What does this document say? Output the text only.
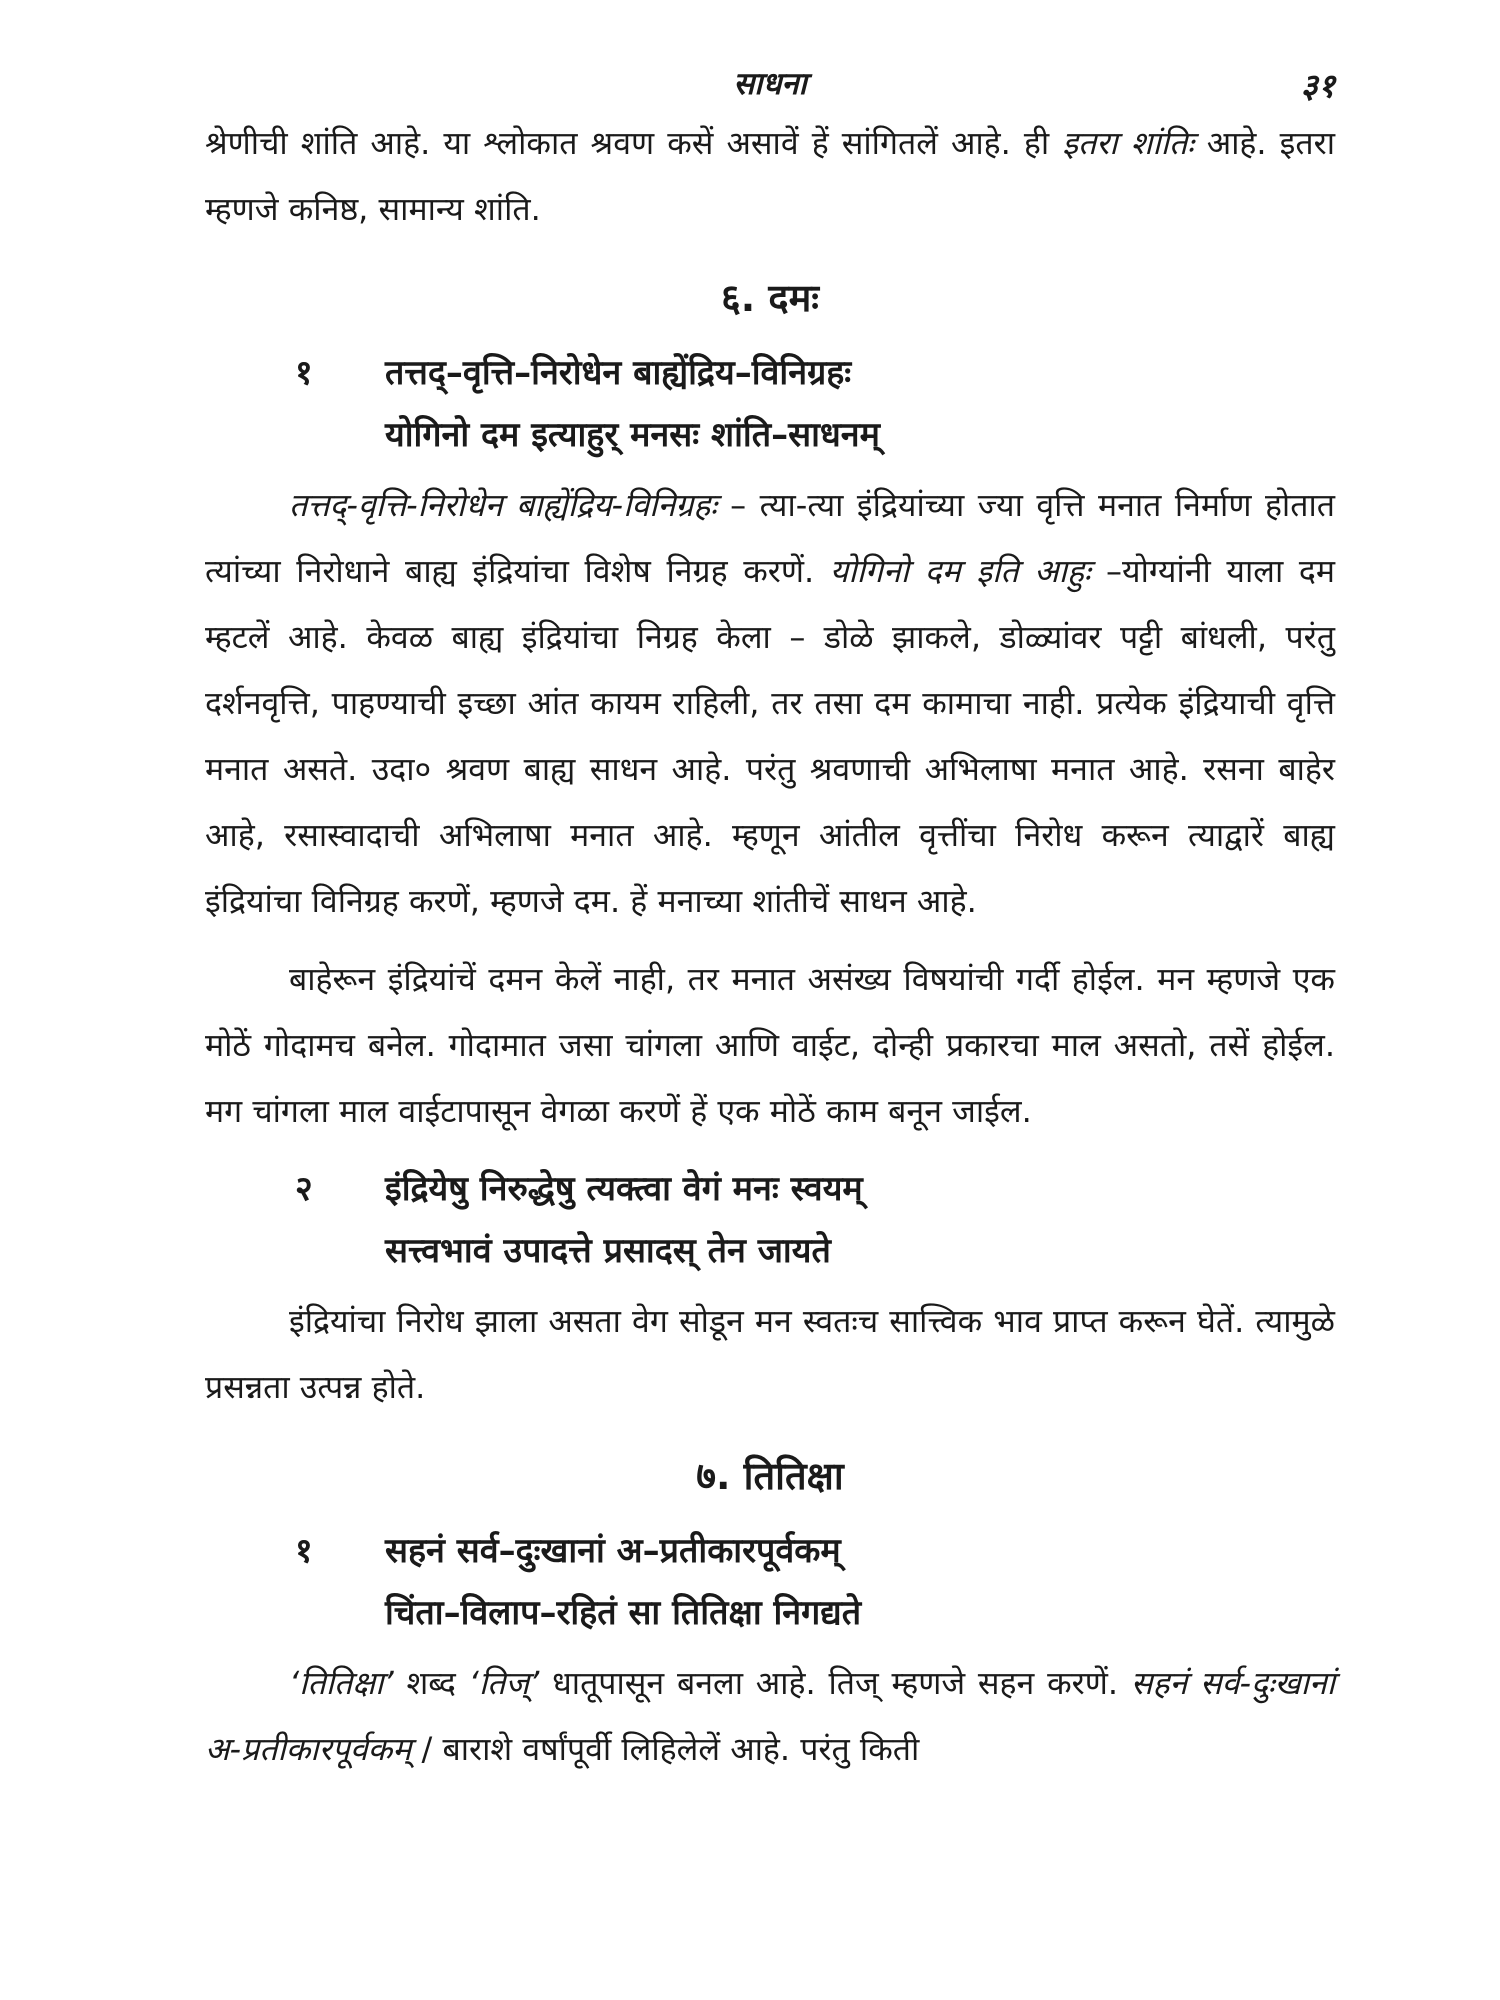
साधना	३१

श्रेणीची शांति आहे. या श्लोकात श्रवण कसें असावें हें सांगितलें आहे. ही इतरा शांतिः आहे. इतरा म्हणजे कनिष्ठ, सामान्य शांति.

६. दमः
१ तत्तद्–वृत्ति–निरोधेन बाह्येंद्रिय–विनिग्रहः
योगिनो दम इत्याहुर् मनसः शांति–साधनम्

तत्तद्-वृत्ति-निरोधेन बाह्येंद्रिय-विनिग्रहः – त्या-त्या इंद्रियांच्या ज्या वृत्ति मनात निर्माण होतात त्यांच्या निरोधाने बाह्य इंद्रियांचा विशेष निग्रह करणें. योगिनो दम इति आहुः –योग्यांनी याला दम म्हटलें आहे. केवळ बाह्य इंद्रियांचा निग्रह केला – डोळे झाकले, डोळ्यांवर पट्टी बांधली, परंतु दर्शनवृत्ति, पाहण्याची इच्छा आंत कायम राहिली, तर तसा दम कामाचा नाही. प्रत्येक इंद्रियाची वृत्ति मनात असते. उदा० श्रवण बाह्य साधन आहे. परंतु श्रवणाची अभिलाषा मनात आहे. रसना बाहेर आहे, रसास्वादाची अभिलाषा मनात आहे. म्हणून आंतील वृत्तींचा निरोध करून त्याद्वारें बाह्य इंद्रियांचा विनिग्रह करणें, म्हणजे दम. हें मनाच्या शांतीचें साधन आहे.

बाहेरून इंद्रियांचें दमन केलें नाही, तर मनात असंख्य विषयांची गर्दी होईल. मन म्हणजे एक मोठें गोदामच बनेल. गोदामात जसा चांगला आणि वाईट, दोन्ही प्रकारचा माल असतो, तसें होईल. मग चांगला माल वाईटापासून वेगळा करणें हें एक मोठें काम बनून जाईल.

२ इंद्रियेषु निरुद्धेषु त्यक्त्वा वेगं मनः स्वयम्
सत्त्वभावं उपादत्ते प्रसादस् तेन जायते

इंद्रियांचा निरोध झाला असता वेग सोडून मन स्वतःच सात्त्विक भाव प्राप्त करून घेतें. त्यामुळे प्रसन्नता उत्पन्न होते.

७. तितिक्षा
१ सहनं सर्व–दुःखानां अ–प्रतीकारपूर्वकम्
चिंता–विलाप–रहितं सा तितिक्षा निगद्यते

‘तितिक्षा’ शब्द ‘तिज्’ धातूपासून बनला आहे. तिज् म्हणजे सहन करणें. सहनं सर्व-दुःखानां अ-प्रतीकारपूर्वकम् / बाराशे वर्षांपूर्वी लिहिलेलें आहे. परंतु किती
